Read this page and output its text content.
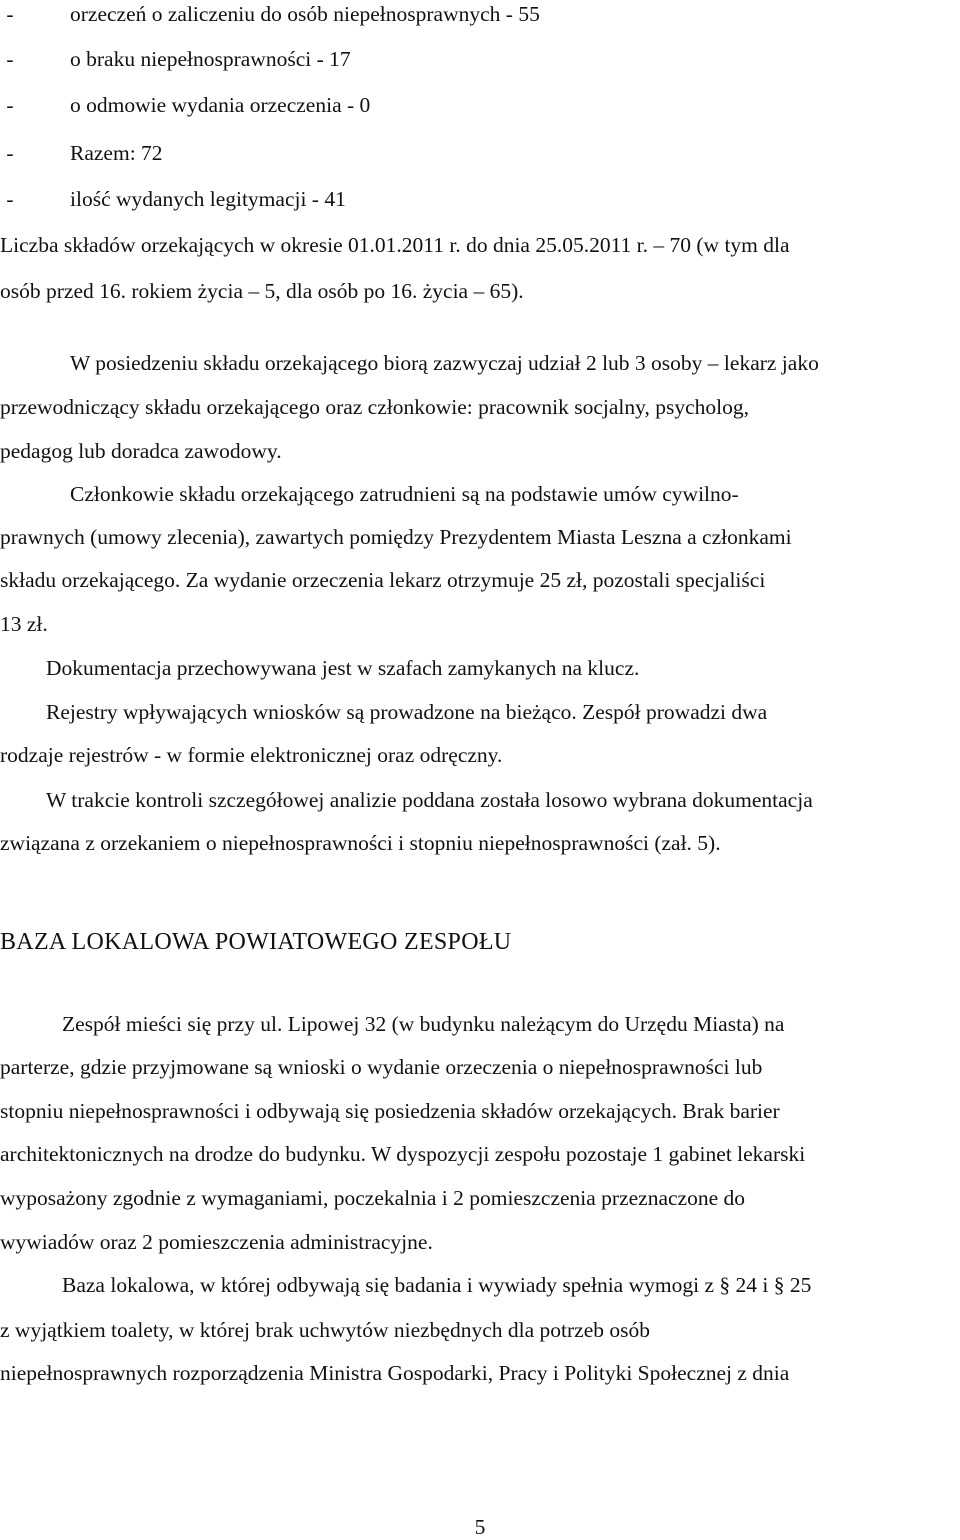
-	orzeczeń o zaliczeniu do osób niepełnosprawnych - 55
-	o braku niepełnosprawności - 17
-	o odmowie wydania orzeczenia - 0
-	Razem: 72
-	ilość wydanych legitymacji - 41
Liczba składów orzekających w okresie 01.01.2011 r. do dnia 25.05.2011 r. – 70 (w tym dla
osób przed 16. rokiem życia – 5, dla osób po 16. życia – 65).
W posiedzeniu składu orzekającego biorą zazwyczaj udział 2 lub 3 osoby – lekarz jako
przewodniczący składu orzekającego oraz członkowie: pracownik socjalny, psycholog,
pedagog lub doradca zawodowy.
Członkowie składu orzekającego zatrudnieni są na podstawie umów cywilno-
prawnych (umowy zlecenia), zawartych pomiędzy Prezydentem Miasta Leszna a członkami
składu orzekającego. Za wydanie orzeczenia lekarz otrzymuje 25 zł, pozostali specjaliści
13 zł.
Dokumentacja przechowywana jest w szafach zamykanych na klucz.
Rejestry wpływających wniosków są prowadzone na bieżąco. Zespół prowadzi dwa
rodzaje rejestrów - w formie elektronicznej oraz odręczny.
W trakcie kontroli szczegółowej analizie poddana została losowo wybrana dokumentacja
związana z orzekaniem o niepełnosprawności i stopniu niepełnosprawności (zał. 5).
BAZA LOKALOWA POWIATOWEGO ZESPOŁU
Zespół mieści się przy ul. Lipowej 32 (w budynku należącym do Urzędu Miasta) na
parterze, gdzie przyjmowane są wnioski o wydanie orzeczenia o niepełnosprawności lub
stopniu niepełnosprawności i odbywają się posiedzenia składów orzekających. Brak barier
architektonicznych na drodze do budynku. W dyspozycji zespołu pozostaje 1 gabinet lekarski
wyposażony zgodnie z wymaganiami, poczekalnia i 2 pomieszczenia przeznaczone do
wywiadów oraz 2 pomieszczenia administracyjne.
Baza lokalowa, w której odbywają się badania i wywiady spełnia wymogi z § 24 i § 25
z wyjątkiem toalety, w której brak uchwytów niezbędnych dla potrzeb osób
niepełnosprawnych rozporządzenia Ministra Gospodarki, Pracy i Polityki Społecznej z dnia
5
